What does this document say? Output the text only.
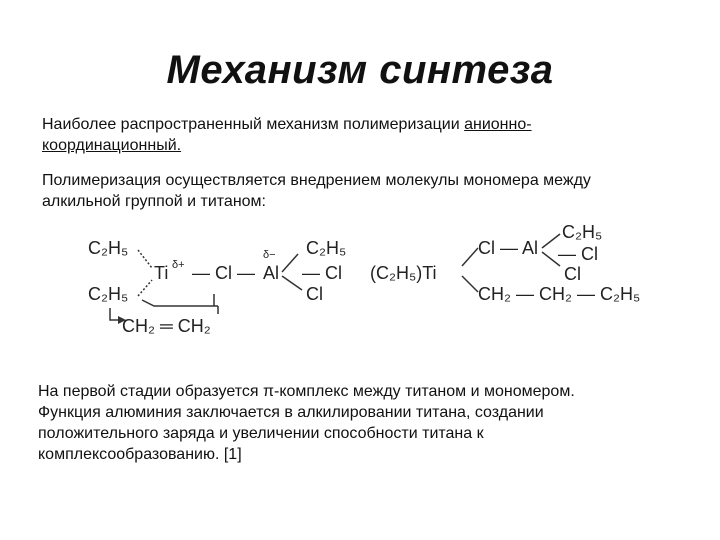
Механизм синтеза
Наиболее распространенный механизм полимеризации анионно-
координационный.
Полимеризация осуществляется внедрением молекулы мономера между
алкильной группой и титаном:
C₂H₅
C₂H₅
Ti δ+ — Cl — Al
δ− C₂H₅
— Cl
Cl
CH₂ ═ CH₂
(C₂H₅)Ti
Cl — Al
C₂H₅
— Cl
Cl
CH₂ — CH₂ — C₂H₅
На первой стадии образуется π-комплекс между титаном и мономером.
Функция алюминия заключается в алкилировании титана, создании
положительного заряда и увеличении способности титана к
комплексообразованию. [1]
